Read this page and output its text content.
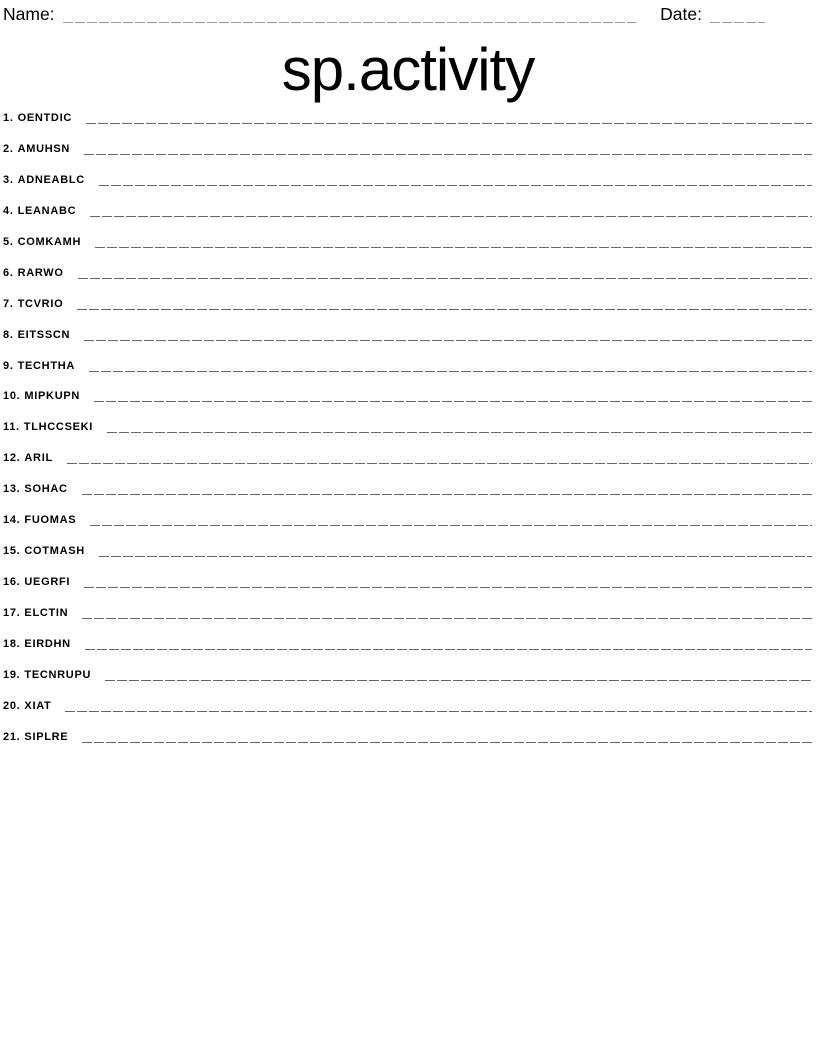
Name:	Date:
sp.activity
1. OENTDIC
2. AMUHSN
3. ADNEABLC
4. LEANABC
5. COMKAMH
6. RARWO
7. TCVRIO
8. EITSSCN
9. TECHTHA
10. MIPKUPN
11. TLHCCSEKI
12. ARIL
13. SOHAC
14. FUOMAS
15. COTMASH
16. UEGRFI
17. ELCTIN
18. EIRDHN
19. TECNRUPU
20. XIAT
21. SIPLRE
